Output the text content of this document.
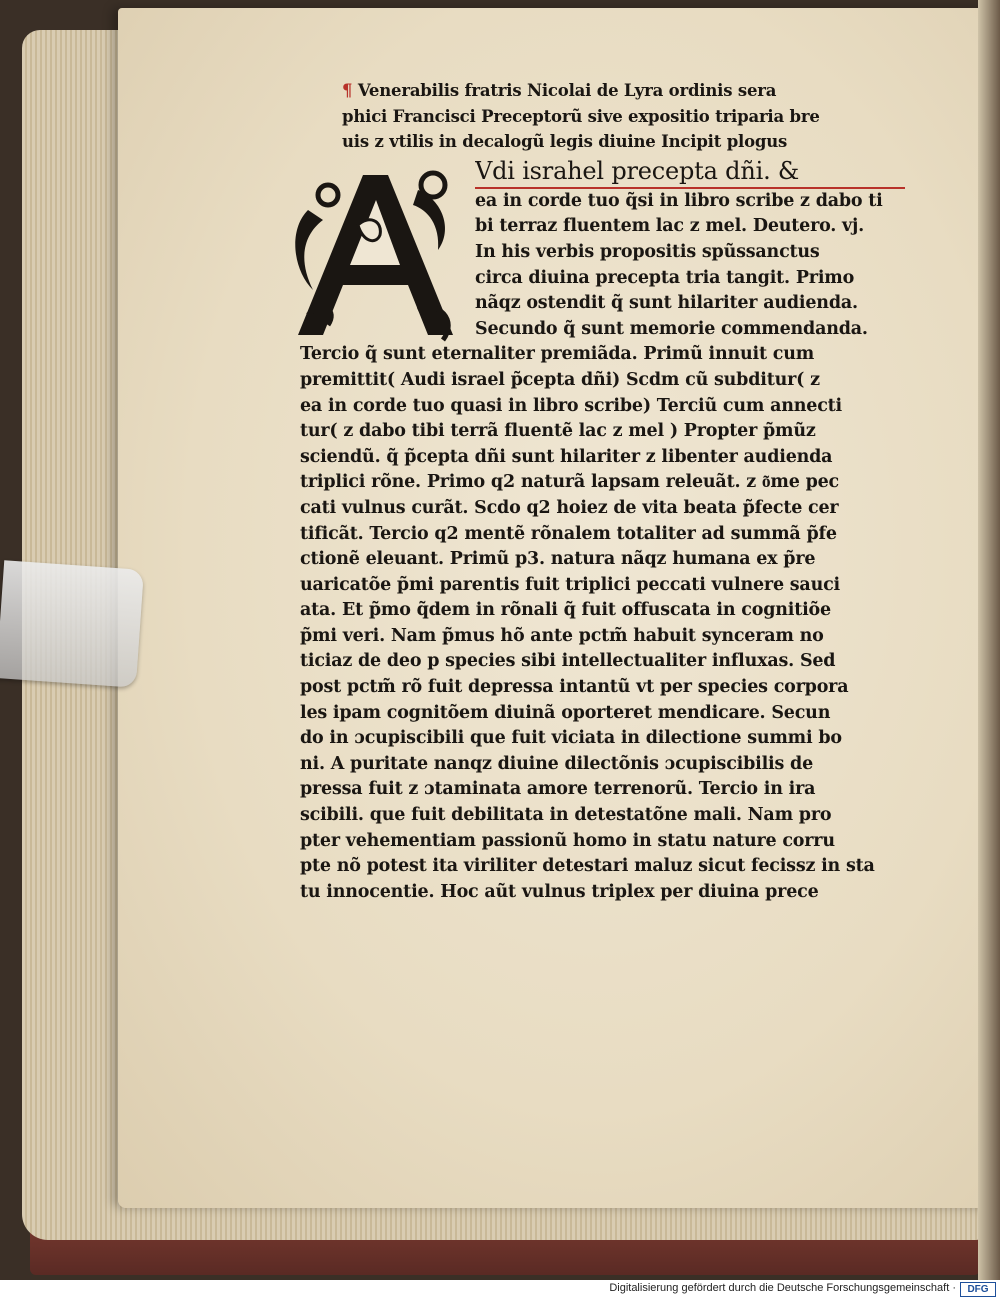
¶ Venerabilis fratris Nicolai de Lyra ordinis sera
phici Francisci Preceptorũ sive expositio triparia bre
uis z vtilis in decalogũ legis diuine Incipit plogus
Vdi israhel precepta dñi. &
ea in corde tuo q̃si in libro scribe z dabo ti
bi terraz fluentem lac z mel. Deutero. vj.
In his verbis propositis spũssanctus
circa diuina precepta tria tangit. Primo
nãqz ostendit q̃ sunt hilariter audienda.
Secundo q̃ sunt memorie commendanda.
Tercio q̃ sunt eternaliter premiãda. Primũ innuit cum
premittit( Audi israel p̃cepta dñi) Scdm cũ subditur( z
ea in corde tuo quasi in libro scribe) Terciũ cum annecti
tur( z dabo tibi terrã fluentẽ lac z mel ) Propter p̃mũz
sciendũ. q̃ p̃cepta dñi sunt hilariter z libenter audienda
triplici rõne. Primo q2 naturã lapsam releuãt. z o͂me pec
cati vulnus curãt. Scdo q2 hoiez de vita beata p̃fecte cer
tificãt. Tercio q2 mentẽ rõnalem totaliter ad summã p̃fe
ctionẽ eleuant. Primũ p3. natura nãqz humana ex p̃re
uaricatõe p̃mi parentis fuit triplici peccati vulnere sauci
ata. Et p̃mo q̃dem in rõnali q̃ fuit offuscata in cognitiõe
p̃mi veri. Nam p̃mus hõ ante pctm̃ habuit synceram no
ticiaz de deo p species sibi intellectualiter influxas. Sed
post pctm̃ rõ fuit depressa intantũ vt per species corpora
les ipam cognitõem diuinã oporteret mendicare. Secun
do in ɔcupiscibili que fuit viciata in dilectione summi bo
ni. A puritate nanqz diuine dilectõnis ɔcupiscibilis de
pressa fuit z ɔtaminata amore terrenorũ. Tercio in ira
scibili. que fuit debilitata in detestatõne mali. Nam pro
pter vehementiam passionũ homo in statu nature corru
pte nõ potest ita viriliter detestari maluz sicut fecissz in sta
tu innocentie. Hoc aũt vulnus triplex per diuina prece
Digitalisierung gefördert durch die Deutsche Forschungsgemeinschaft ·	DFG
